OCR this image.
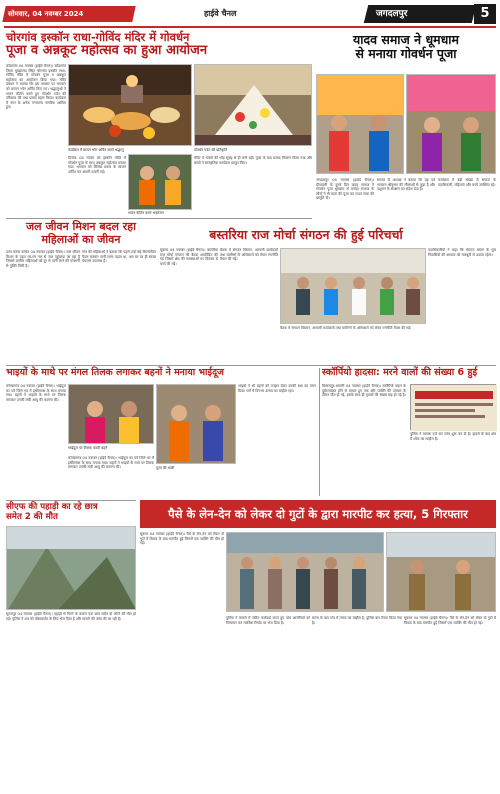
सोमवार, 04 नवम्बर 2024	हाईवे चैनल	जगदलपुर	5
चोरगांव इस्कॉन राधा-गोविंद मंदिर में गोवर्धन
पूजा व अन्नकूट महोत्सव का हुआ आयोजन
कोंडागांव 04 नवम्बर (हाईवे चैनल)। कोंडागांव जिला मुख्यालय स्थित चोरगांव इस्कॉन राधा-गोविंद मंदिर में गोवर्धन पूजा व अन्नकूट महोत्सव का आयोजन किया गया। मंदिर प्रबंधन ने बताया कि इस अवसर पर भगवान को छप्पन भोग अर्पित किए गए। श्रद्धालुओं ने भजन कीर्तन करते हुए गोवर्धन पर्वत की परिक्रमा की तथा प्रसाद ग्रहण किया। कार्यक्रम में नगर के अनेक गणमान्य नागरिक शामिल हुए।
कार्यक्रम में छप्पन भोग अर्पित करते श्रद्धालु	गोवर्धन पर्वत की प्रतिकृति
दिनांक 04 नवंबर को इस्कॉन मंदिर में गोवर्धन पूजा के साथ अन्नकूट महोत्सव मनाया गया। भगवान को विभिन्न प्रकार के व्यंजन अर्पित कर आरती उतारी गई।
मंदिर में भक्तों की भीड़ सुबह से ही लगी रही। पूजा के बाद प्रसाद वितरण किया गया और बच्चों ने सांस्कृतिक कार्यक्रम प्रस्तुत किए।
भजन कीर्तन करते भक्तजन
यादव समाज ने धूमधाम
से मनाया गोवर्धन पूजा
जगदलपुर 04 नवम्बर (हाईवे चैनल)। दीपावली के दूसरे दिन यादव समाज ने गोवर्धन पूजा धूमधाम से मनाई। समाज के लोगों ने गौ माता की पूजा कर राउत नाचा की प्रस्तुति दी।
समाज के अध्यक्ष ने बताया कि यह पर्व भगवान श्रीकृष्ण की लीलाओं से जुड़ा है और पशुधन के संरक्षण का संदेश देता है।
कार्यक्रम में बड़ी संख्या में समाज के पदाधिकारी, महिलाएं और बच्चे उपस्थित रहे।
जल जीवन मिशन बदल रहा
महिलाओं का जीवन
उत्तर बस्तर कांकेर 04 नवम्बर (हाईवे चैनल)। जल जीवन मिशन के तहत घर-घर नल से जल पहुंचाया जा रहा है जिससे ग्रामीण महिलाओं को दूर से पानी लाने की परेशानी से मुक्ति मिली है।
गांव की महिलाओं ने बताया कि पहले उन्हें कई किलोमीटर पैदल चलकर पानी लाना पड़ता था, अब घर पर ही स्वच्छ पेयजल उपलब्ध है।
बस्तरिया राज मोर्चा संगठन की हुई परिचर्चा
सुकमा 04 नवम्बर (हाईवे चैनल)। बस्तरिया राज मोर्चा संगठन की बैठक आयोजित की गई जिसमें क्षेत्र की समस्याओं पर विस्तार से चर्चा की गई।
बैठक में संगठन विस्तार, आगामी कार्यक्रमों तथा ग्रामीणों के अधिकारों को लेकर रणनीति तैयार की गई।
पदाधिकारियों ने कहा कि संगठन बस्तर के मूल निवासियों की आवाज को मजबूती से उठाता रहेगा।
बैठक में संगठन विस्तार, आगामी कार्यक्रमों तथा ग्रामीणों के अधिकारों को लेकर रणनीति तैयार की गई।
भाइयों के माथे पर मंगल तिलक लगाकर बहनों ने मनाया भाईदूज
कोण्डागांव 04 नवम्बर (हाईवे चैनल)। भाईदूज का पर्व जिले भर में हर्षोल्लास के साथ मनाया गया। बहनों ने भाइयों के माथे पर तिलक लगाकर उनकी लंबी आयु की कामना की।
भाइयों ने भी बहनों को उपहार देकर उनकी रक्षा का वचन दिया। घरों में दिनभर उत्सव का माहौल रहा।
भाईदूज पर तिलक करती बहनें
पूजा की थाली
कोण्डागांव 04 नवम्बर (हाईवे चैनल)। भाईदूज का पर्व जिले भर में हर्षोल्लास के साथ मनाया गया। बहनों ने भाइयों के माथे पर तिलक लगाकर उनकी लंबी आयु की कामना की।
स्कॉर्पियो हादसा: मरने वालों की संख्या 6 हुई
बिलासपुर-धमतरी 04 नवम्बर (हाईवे चैनल)। स्कॉर्पियो वाहन के दुर्घटनाग्रस्त होने से घायल हुए एक और व्यक्ति की उपचार के दौरान मौत हो गई, इसके साथ ही मृतकों की संख्या छह हो गई है।
पुलिस ने मामला दर्ज कर जांच शुरू कर दी है। हादसे के बाद क्षेत्र में शोक का माहौल है।
सीएफ की पहाड़ी का रहे छात्र
समेत 2 की मौत
सूरजपुर 04 नवम्बर (हाईवे चैनल)। पहाड़ी से गिरने के कारण एक छात्र समेत दो लोगों की मौत हो गई। पुलिस ने शव को पोस्टमार्टम के लिए भेज दिया है और मामले की जांच की जा रही है।
पैसे के लेन-देन को लेकर दो गुटों के द्वारा मारपीट कर हत्या, 5 गिरफ्तार
सुकमा 04 नवम्बर (हाईवे चैनल)। पैसे के लेन-देन को लेकर दो गुटों में विवाद के बाद मारपीट हुई जिसमें एक व्यक्ति की मौत हो गई।
पुलिस ने मामले में त्वरित कार्रवाई करते हुए पांच आरोपियों को गिरफ्तार कर न्यायिक रिमांड पर भेज दिया है।
घटना के बाद गांव में तनाव का माहौल है, पुलिस बल तैनात किया गया है।
सुकमा 04 नवम्बर (हाईवे चैनल)। पैसे के लेन-देन को लेकर दो गुटों में विवाद के बाद मारपीट हुई जिसमें एक व्यक्ति की मौत हो गई।
